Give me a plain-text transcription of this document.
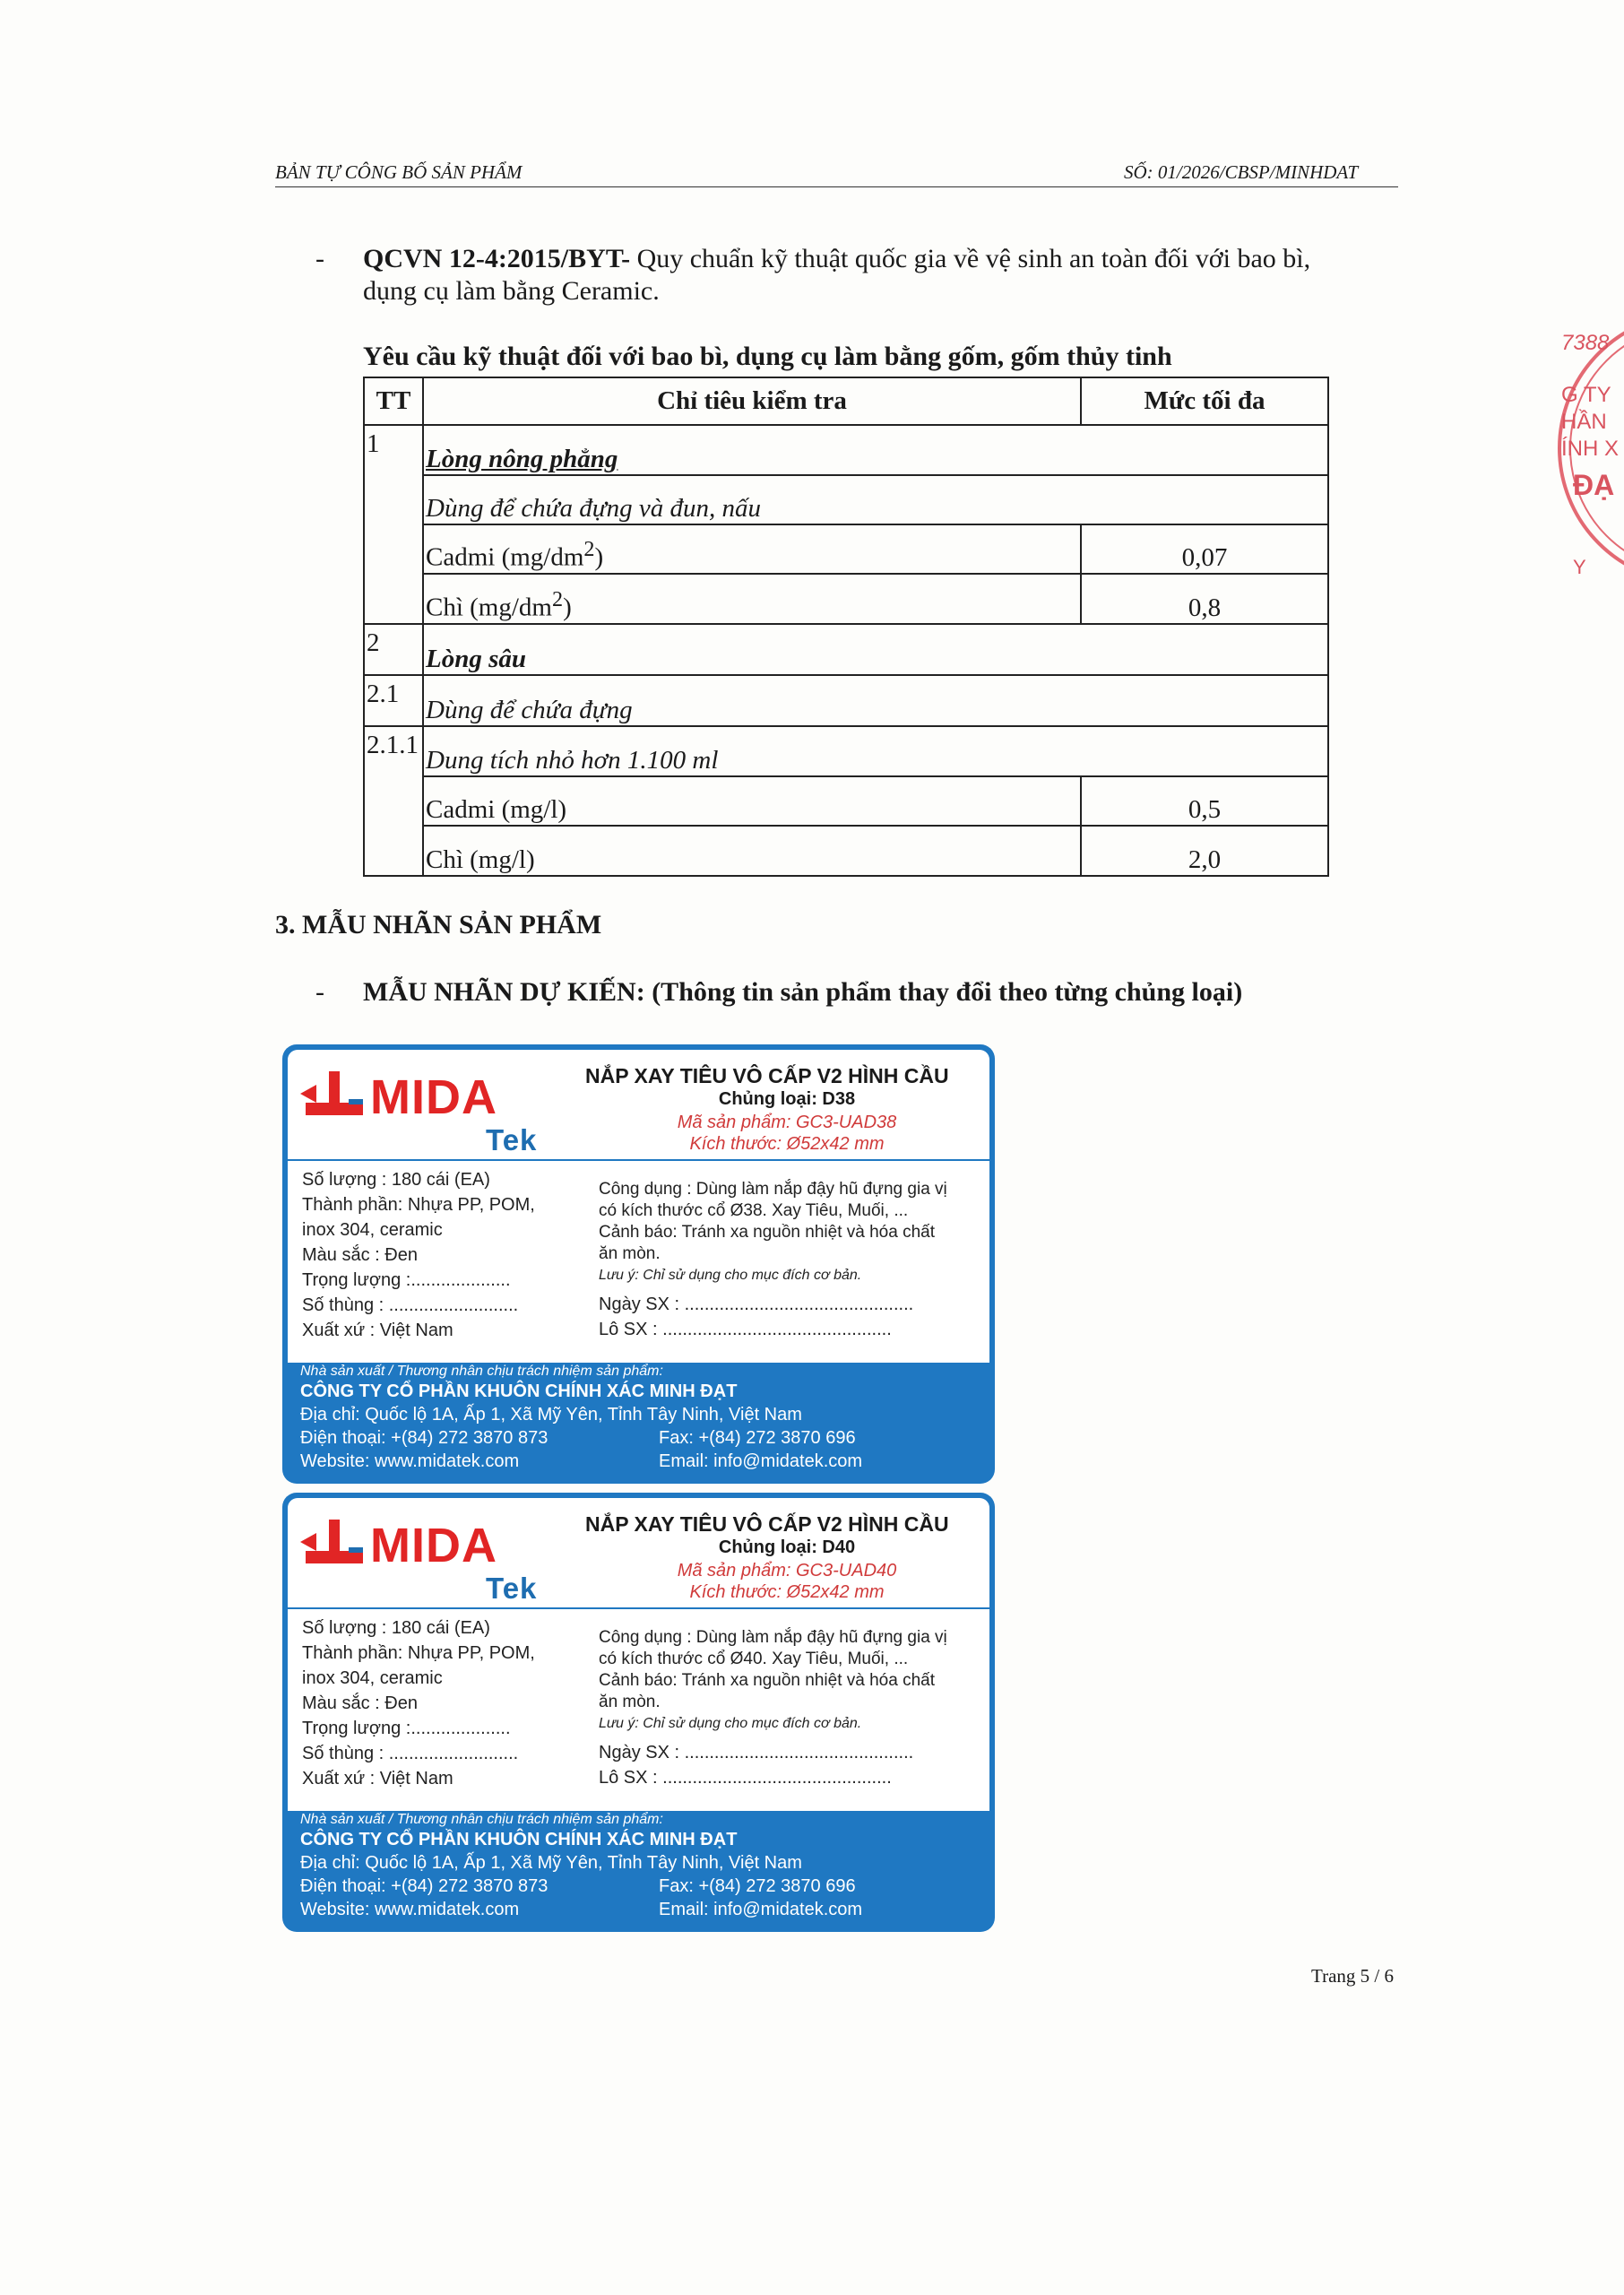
BẢN TỰ CÔNG BỐ SẢN PHẨM	SỐ: 01/2026/CBSP/MINHDAT
- QCVN 12-4:2015/BYT- Quy chuẩn kỹ thuật quốc gia về vệ sinh an toàn đối với bao bì,
dụng cụ làm bằng Ceramic.
Yêu cầu kỹ thuật đối với bao bì, dụng cụ làm bằng gốm, gốm thủy tinh
TT	Chỉ tiêu kiểm tra	Mức tối đa
1	Lòng nông phẳng	
	Dùng để chứa đựng và đun, nấu	
	Cadmi $(mg/dm^2)$	0,07
	Chì $(mg/dm^2)$	0,8
2	Lòng sâu	
2.1	Dùng để chứa đựng	
2.1.1	Dung tích nhỏ hơn 1.100 ml	
	Cadmi (mg/l)	0,5
	Chì (mg/l)	2,0
3. MẪU NHÃN SẢN PHẨM
- MẪU NHÃN DỰ KIẾN: (Thông tin sản phẩm thay đổi theo từng chủng loại)
7388
G TY
HẦN
ÍNH X
ĐẠ
Y
MIDA
Tek
NẮP XAY TIÊU VÔ CẤP V2 HÌNH CẦU
Chủng loại: D38
Mã sản phẩm: GC3-UAD38
Kích thước: Ø52x42 mm
Số lượng : 180 cái (EA)
Thành phần: Nhựa PP, POM,
inox 304, ceramic
Màu sắc : Đen
Trọng lượng :....................
Số thùng : ..........................
Xuất xứ : Việt Nam
Công dụng : Dùng làm nắp đậy hũ đựng gia vị
có kích thước cổ Ø38. Xay Tiêu, Muối, ...
Cảnh báo: Tránh xa nguồn nhiệt và hóa chất
ăn mòn.
Lưu ý: Chỉ sử dụng cho mục đích cơ bản.
Ngày SX : ..............................................
Lô SX : ..............................................
Nhà sản xuất / Thương nhân chịu trách nhiệm sản phẩm:
CÔNG TY CỔ PHẦN KHUÔN CHÍNH XÁC MINH ĐẠT
Địa chỉ: Quốc lộ 1A, Ấp 1, Xã Mỹ Yên, Tỉnh Tây Ninh, Việt Nam
Điện thoại: +(84) 272 3870 873	Fax: +(84) 272 3870 696
Website: www.midatek.com	Email: info@midatek.com
MIDA
Tek
NẮP XAY TIÊU VÔ CẤP V2 HÌNH CẦU
Chủng loại: D40
Mã sản phẩm: GC3-UAD40
Kích thước: Ø52x42 mm
Số lượng : 180 cái (EA)
Thành phần: Nhựa PP, POM,
inox 304, ceramic
Màu sắc : Đen
Trọng lượng :....................
Số thùng : ..........................
Xuất xứ : Việt Nam
Công dụng : Dùng làm nắp đậy hũ đựng gia vị
có kích thước cổ Ø40. Xay Tiêu, Muối, ...
Cảnh báo: Tránh xa nguồn nhiệt và hóa chất
ăn mòn.
Lưu ý: Chỉ sử dụng cho mục đích cơ bản.
Ngày SX : ..............................................
Lô SX : ..............................................
Nhà sản xuất / Thương nhân chịu trách nhiệm sản phẩm:
CÔNG TY CỔ PHẦN KHUÔN CHÍNH XÁC MINH ĐẠT
Địa chỉ: Quốc lộ 1A, Ấp 1, Xã Mỹ Yên, Tỉnh Tây Ninh, Việt Nam
Điện thoại: +(84) 272 3870 873	Fax: +(84) 272 3870 696
Website: www.midatek.com	Email: info@midatek.com
Trang 5 / 6
